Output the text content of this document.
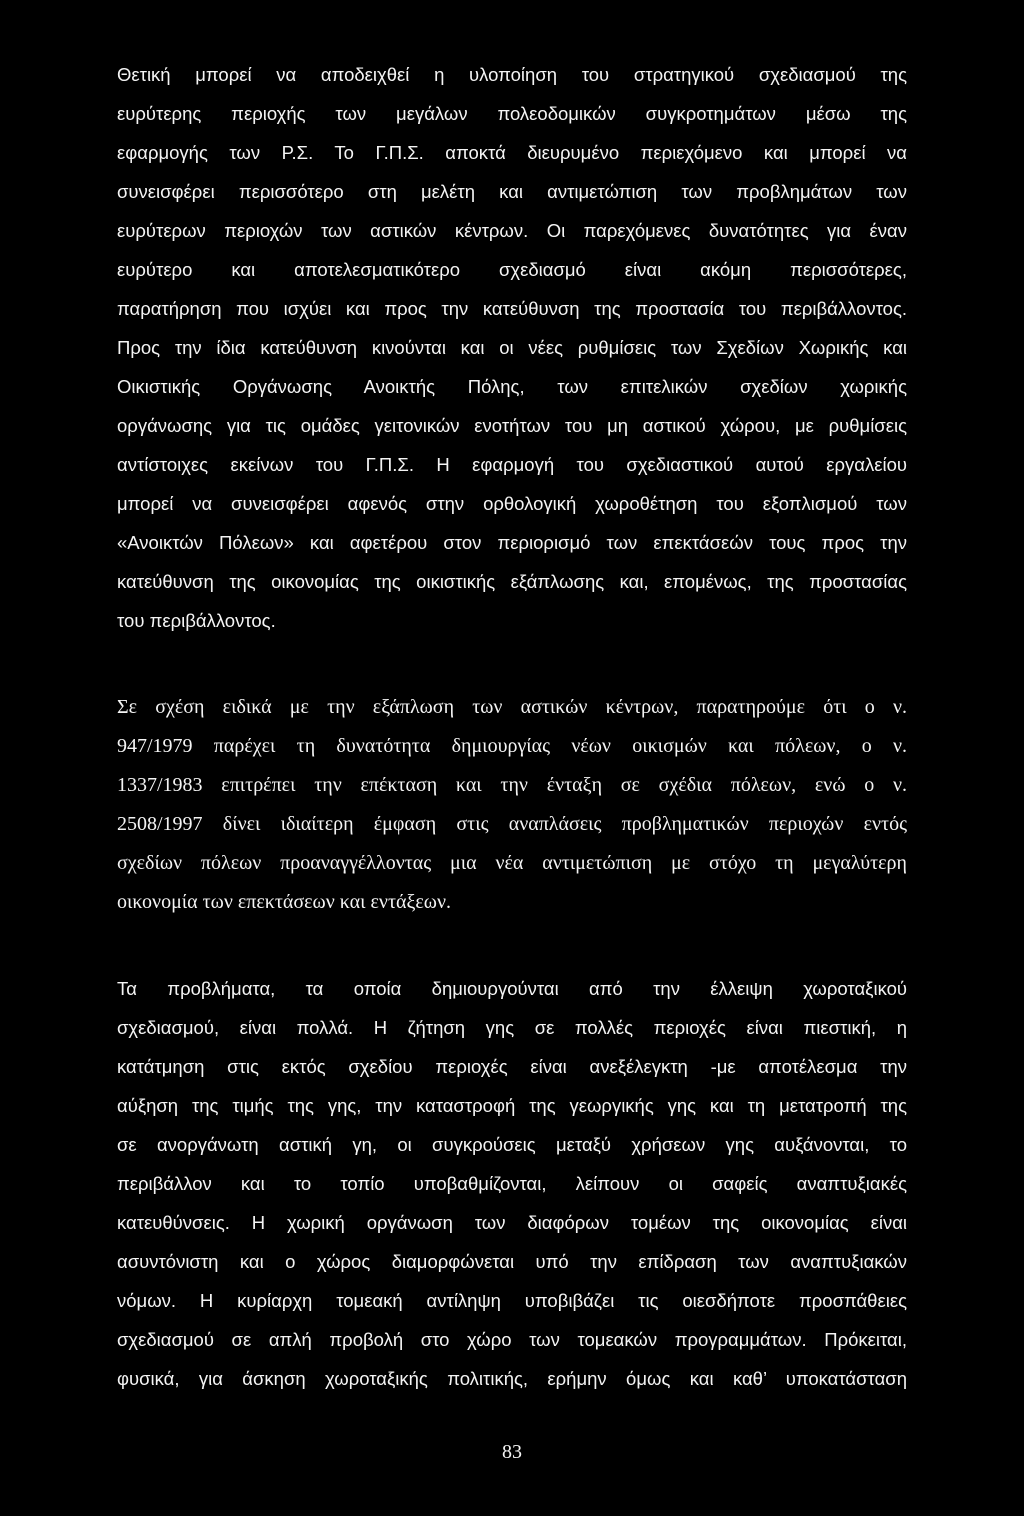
Θετική μπορεί να αποδειχθεί η υλοποίηση του στρατηγικού σχεδιασμού της

ευρύτερης περιοχής των μεγάλων πολεοδομικών συγκροτημάτων μέσω της

εφαρμογής των Ρ.Σ. Το Γ.Π.Σ. αποκτά διευρυμένο περιεχόμενο και μπορεί να

συνεισφέρει περισσότερο στη μελέτη και αντιμετώπιση των προβλημάτων των

ευρύτερων περιοχών των αστικών κέντρων. Οι παρεχόμενες δυνατότητες για έναν

ευρύτερο και αποτελεσματικότερο σχεδιασμό είναι ακόμη περισσότερες,

παρατήρηση που ισχύει και προς την κατεύθυνση της προστασία του περιβάλλοντος.

Προς την ίδια κατεύθυνση κινούνται και οι νέες ρυθμίσεις των Σχεδίων Χωρικής και

Οικιστικής Οργάνωσης Ανοικτής Πόλης, των επιτελικών σχεδίων χωρικής

οργάνωσης για τις ομάδες γειτονικών ενοτήτων του μη αστικού χώρου, με ρυθμίσεις

αντίστοιχες εκείνων του Γ.Π.Σ. Η εφαρμογή του σχεδιαστικού αυτού εργαλείου

μπορεί να συνεισφέρει αφενός στην ορθολογική χωροθέτηση του εξοπλισμού των

«Ανοικτών Πόλεων» και αφετέρου στον περιορισμό των επεκτάσεών τους προς την

κατεύθυνση της οικονομίας της οικιστικής εξάπλωσης και, επομένως, της προστασίας

του περιβάλλοντος.

Σε σχέση ειδικά με την εξάπλωση των αστικών κέντρων, παρατηρούμε ότι ο ν.

947/1979 παρέχει τη δυνατότητα δημιουργίας νέων οικισμών και πόλεων, ο ν.

1337/1983 επιτρέπει την επέκταση και την ένταξη σε σχέδια πόλεων, ενώ ο ν.

2508/1997 δίνει ιδιαίτερη έμφαση στις αναπλάσεις προβληματικών περιοχών εντός

σχεδίων πόλεων προαναγγέλλοντας μια νέα αντιμετώπιση με στόχο τη μεγαλύτερη

οικονομία των επεκτάσεων και εντάξεων.

Τα προβλήματα, τα οποία δημιουργούνται από την έλλειψη χωροταξικού

σχεδιασμού, είναι πολλά. Η ζήτηση γης σε πολλές περιοχές είναι πιεστική, η

κατάτμηση στις εκτός σχεδίου περιοχές είναι ανεξέλεγκτη -με αποτέλεσμα την

αύξηση της τιμής της γης, την καταστροφή της γεωργικής γης και τη μετατροπή της

σε ανοργάνωτη αστική γη, οι συγκρούσεις μεταξύ χρήσεων γης αυξάνονται, το

περιβάλλον και το τοπίο υποβαθμίζονται, λείπουν οι σαφείς αναπτυξιακές

κατευθύνσεις. Η χωρική οργάνωση των διαφόρων τομέων της οικονομίας είναι

ασυντόνιστη και ο χώρος διαμορφώνεται υπό την επίδραση των αναπτυξιακών

νόμων. Η κυρίαρχη τομεακή αντίληψη υποβιβάζει τις οιεσδήποτε προσπάθειες

σχεδιασμού σε απλή προβολή στο χώρο των τομεακών προγραμμάτων. Πρόκειται,

φυσικά, για άσκηση χωροταξικής πολιτικής, ερήμην όμως και καθ’ υποκατάσταση

83
